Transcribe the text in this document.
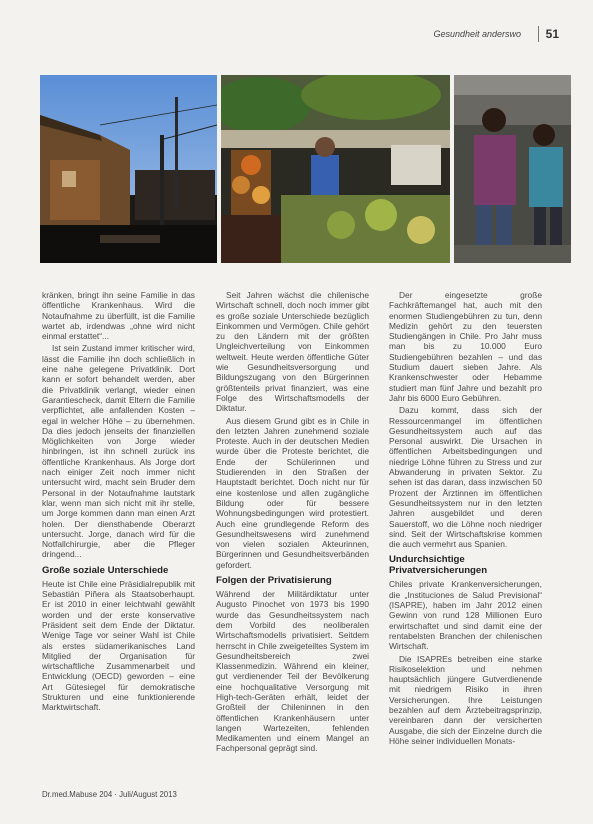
Gesundheit anderswo 51

kränken, bringt ihn seine Familie in das öffentliche Krankenhaus. Wird die Notaufnahme zu überfüllt, ist die Familie wartet ab, irdendwas „ohne wird nicht einmal erstattet“...

Ist sein Zustand immer kritischer wird, lässt die Familie ihn doch schließlich in eine nahe gelegene Privatklinik. Dort kann er sofort behandelt werden, aber die Privatklinik verlangt, wieder einen Garantiescheck, damit Eltern die Familie verpflichtet, alle anfallenden Kosten – egal in welcher Höhe – zu übernehmen. Da dies jedoch jenseits der finanziellen Möglichkeiten von Jorge wieder hinbringen, ist ihn schnell zurück ins öffentliche Krankenhaus. Als Jorge dort nach einiger Zeit noch immer nicht untersucht wird, macht sein Bruder dem Personal in der Notaufnahme lautstark klar, wenn man sich nicht mit ihr stelle, um Jorge kommen dann man einen Arzt holen. Der diensthabende Oberarzt untersucht. Jorge, danach wird für die Notfallchirurgie, aber die Pfleger dringend...

Große soziale Unterschiede

Heute ist Chile eine Präsidialrepublik mit Sebastián Piñera als Staatsoberhaupt. Er ist 2010 in einer leichtwahl gewählt worden und der erste konservative Präsident seit dem Ende der Diktatur. Wenige Tage vor seiner Wahl ist Chile als erstes südamerikanisches Land Mitglied der Organisation für wirtschaftliche Zusammenarbeit und Entwicklung (OECD) geworden – eine Art Gütesiegel für demokratische Strukturen und eine funktionierende Marktwirtschaft.

Seit Jahren wächst die chilenische Wirtschaft schnell, doch noch immer gibt es große soziale Unterschiede bezüglich Einkommen und Vermögen. Chile gehört zu den Ländern mit der größten Ungleichverteilung von Einkommen weltweit. Heute werden öffentliche Güter wie Gesundheitsversorgung und Bildungszugang von den Bürgerinnen größtenteils privat finanziert, was eine Folge des Wirtschaftsmodells der Diktatur.

Aus diesem Grund gibt es in Chile in den letzten Jahren zunehmend soziale Proteste. Auch in der deutschen Medien wurde über die Proteste berichtet, die Ende der Schülerinnen und Studierenden in den Straßen der Hauptstadt berichtet. Doch nicht nur für eine kostenlose und allen zugängliche Bildung oder für bessere Wohnungsbedingungen wird protestiert. Auch eine grundlegende Reform des Gesundheitswesens wird zunehmend von vielen sozialen Akteurinnen, Bürgerinnen und Gesundheitsverbänden gefordert.

Folgen der Privatisierung

Während der Militärdiktatur unter Augusto Pinochet von 1973 bis 1990 wurde das Gesundheitssystem nach dem Vorbild des neoliberalen Wirtschaftsmodells privatisiert. Seitdem herrscht in Chile zweigeteiltes System im Gesundheitsbereich zwei Klassenmedizin. Während ein kleiner, gut verdienender Teil der Bevölkerung eine hochqualitative Versorgung mit High-tech-Geräten erhält, leidet der Großteil der Chileninnen in den öffentlichen Krankenhäusern unter langen Wartezeiten, fehlenden Medikamenten und einem Mangel an Fachpersonal geprägt sind.

Der eingesetzte große Fachkräftemangel hat, auch mit den enormen Studiengebühren zu tun, denn Medizin gehört zu den teuersten Studiengängen in Chile. Pro Jahr muss man bis zu 10.000 Euro Studiengebühren bezahlen – und das Studium dauert sieben Jahre. Als Krankenschwester oder Hebamme studiert man fünf Jahre und bezahlt pro Jahr bis 6000 Euro Gebühren.

Dazu kommt, dass sich der Ressourcenmangel im öffentlichen Gesundheitssystem auch auf das Personal auswirkt. Die Ursachen in öffentlichen Arbeitsbedingungen und niedrige Löhne führen zu Stress und zur Abwanderung in privaten Sektor. Zu sehen ist das daran, dass inzwischen 50 Prozent der Ärztinnen im öffentlichen Gesundheitssystem nur in den letzten Jahren ausgebildet und deren Sauerstoff, wo die Löhne noch niedriger sind. Seit der Wirtschaftskrise kommen die auch vermehrt aus Spanien.

Undurchsichtige Privatversicherungen

Chiles private Krankenversicherungen, die „Instituciones de Salud Previsional“ (ISAPRE), haben im Jahr 2012 einen Gewinn von rund 128 Millionen Euro erwirtschaftet und sind damit eine der rentabelsten Branchen der chilenischen Wirtschaft.

Die ISAPREs betreiben eine starke Risikoselektion und nehmen hauptsächlich jüngere Gutverdienende mit niedrigem Risiko in ihren Versicherungen. Ihre Leistungen bezahlen auf dem Ärztebeitragsprinzip, vereinbaren dann der versicherten Ausgabe, die sich der Einzelne durch die Höhe seiner individuellen Monats-

Dr.med.Mabuse 204 · Juli/August 2013
